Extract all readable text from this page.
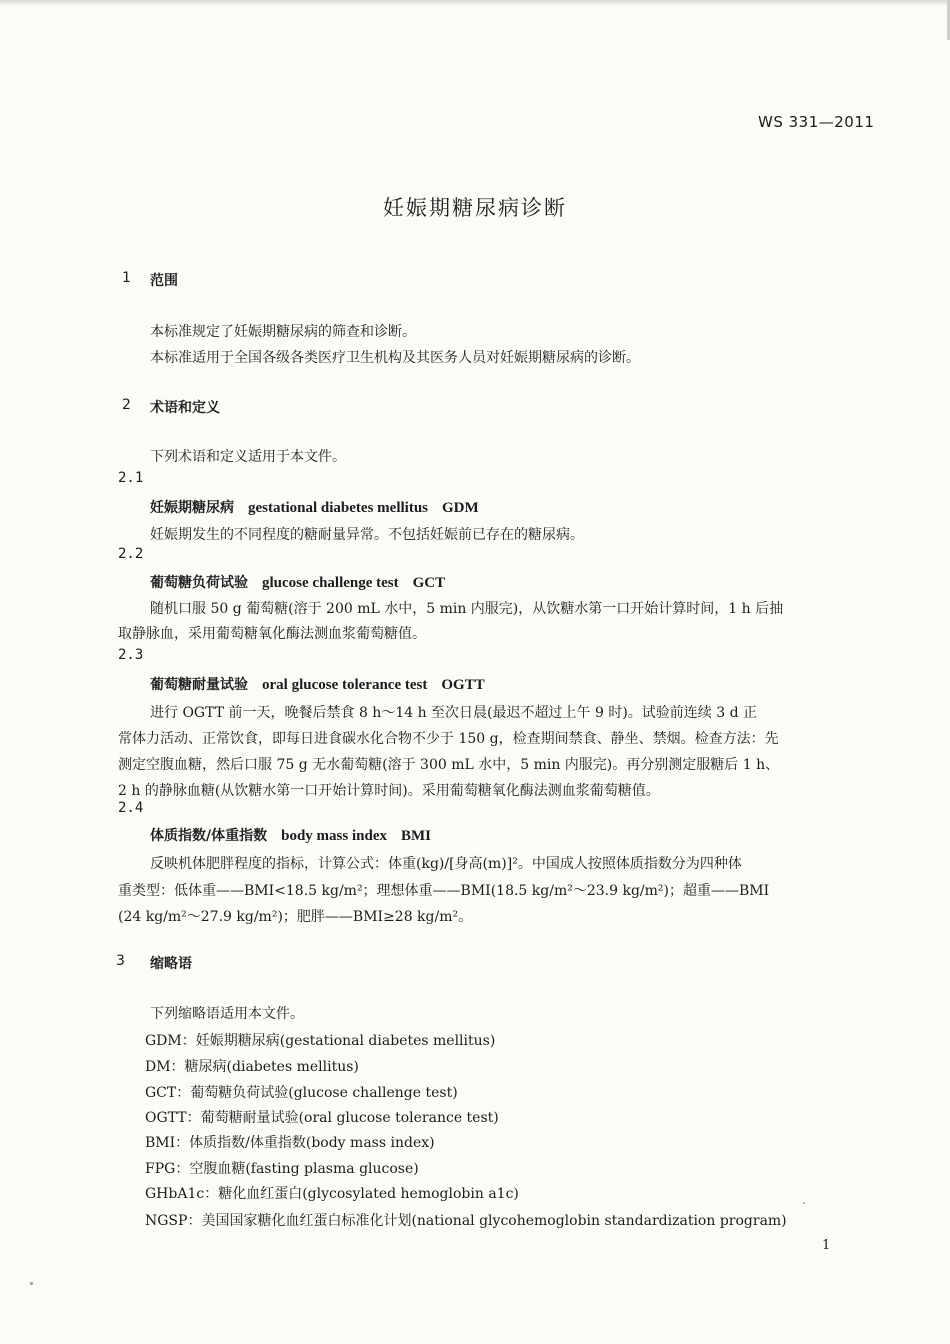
WS 331—2011
妊娠期糖尿病诊断
1 范围
本标准规定了妊娠期糖尿病的筛查和诊断。
本标准适用于全国各级各类医疗卫生机构及其医务人员对妊娠期糖尿病的诊断。
2 术语和定义
下列术语和定义适用于本文件。
2.1
妊娠期糖尿病 gestational diabetes mellitus GDM
妊娠期发生的不同程度的糖耐量异常。不包括妊娠前已存在的糖尿病。
2.2
葡萄糖负荷试验 glucose challenge test GCT
随机口服 50 g 葡萄糖(溶于 200 mL 水中，5 min 内服完)，从饮糖水第一口开始计算时间，1 h 后抽
取静脉血，采用葡萄糖氧化酶法测血浆葡萄糖值。
2.3
葡萄糖耐量试验 oral glucose tolerance test OGTT
进行 OGTT 前一天，晚餐后禁食 8 h～14 h 至次日晨(最迟不超过上午 9 时)。试验前连续 3 d 正
常体力活动、正常饮食，即每日进食碳水化合物不少于 150 g，检查期间禁食、静坐、禁烟。检查方法：先
测定空腹血糖，然后口服 75 g 无水葡萄糖(溶于 300 mL 水中，5 min 内服完)。再分别测定服糖后 1 h、
2 h 的静脉血糖(从饮糖水第一口开始计算时间)。采用葡萄糖氧化酶法测血浆葡萄糖值。
2.4
体质指数/体重指数 body mass index BMI
反映机体肥胖程度的指标，计算公式：体重(kg)/[身高(m)]²。中国成人按照体质指数分为四种体
重类型：低体重——BMI<18.5 kg/m²；理想体重——BMI(18.5 kg/m²～23.9 kg/m²)；超重——BMI
(24 kg/m²～27.9 kg/m²)；肥胖——BMI≥28 kg/m²。
3 缩略语
下列缩略语适用本文件。
GDM：妊娠期糖尿病(gestational diabetes mellitus)
DM：糖尿病(diabetes mellitus)
GCT：葡萄糖负荷试验(glucose challenge test)
OGTT：葡萄糖耐量试验(oral glucose tolerance test)
BMI：体质指数/体重指数(body mass index)
FPG：空腹血糖(fasting plasma glucose)
GHbA1c：糖化血红蛋白(glycosylated hemoglobin a1c)
NGSP：美国国家糖化血红蛋白标准化计划(national glycohemoglobin standardization program)
1
